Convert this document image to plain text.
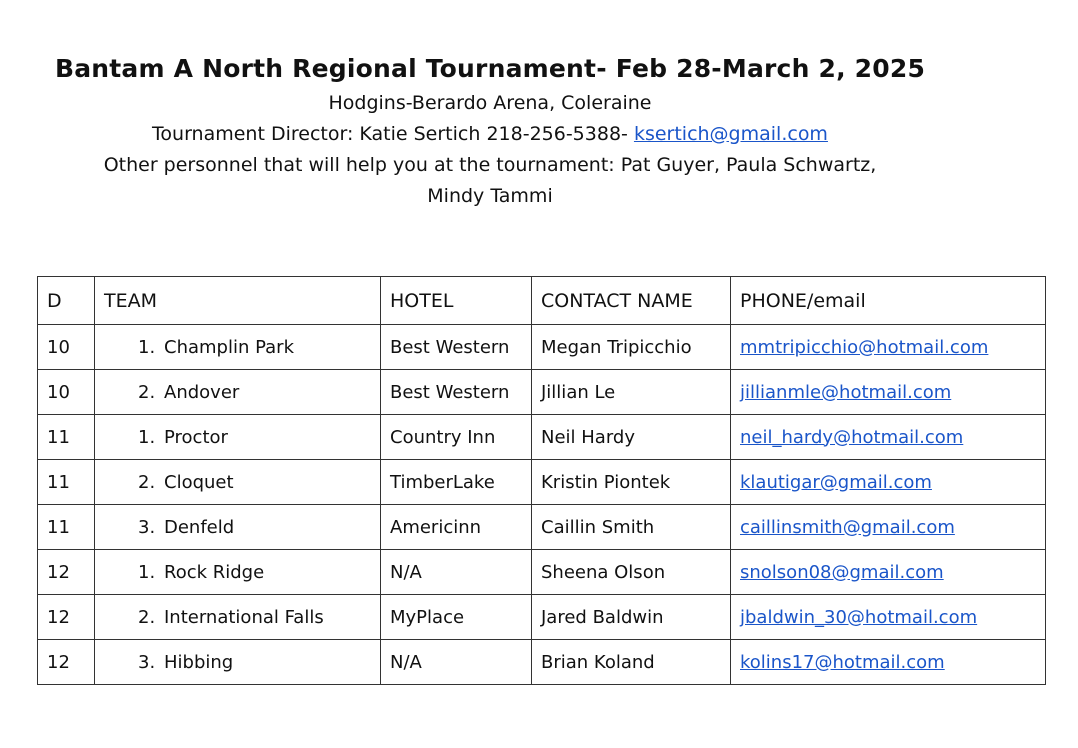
Bantam A North Regional Tournament- Feb 28-March 2, 2025
Hodgins-Berardo Arena, Coleraine
Tournament Director: Katie Sertich 218-256-5388- ksertich@gmail.com
Other personnel that will help you at the tournament: Pat Guyer, Paula Schwartz,
Mindy Tammi
D	TEAM	HOTEL	CONTACT NAME	PHONE/email
10	1. Champlin Park	Best Western	Megan Tripicchio	mmtripicchio@hotmail.com
10	2. Andover	Best Western	Jillian Le	jillianmle@hotmail.com
11	1. Proctor	Country Inn	Neil Hardy	neil_hardy@hotmail.com
11	2. Cloquet	TimberLake	Kristin Piontek	klautigar@gmail.com
11	3. Denfeld	Americinn	Caillin Smith	caillinsmith@gmail.com
12	1. Rock Ridge	N/A	Sheena Olson	snolson08@gmail.com
12	2. International Falls	MyPlace	Jared Baldwin	jbaldwin_30@hotmail.com
12	3. Hibbing	N/A	Brian Koland	kolins17@hotmail.com
